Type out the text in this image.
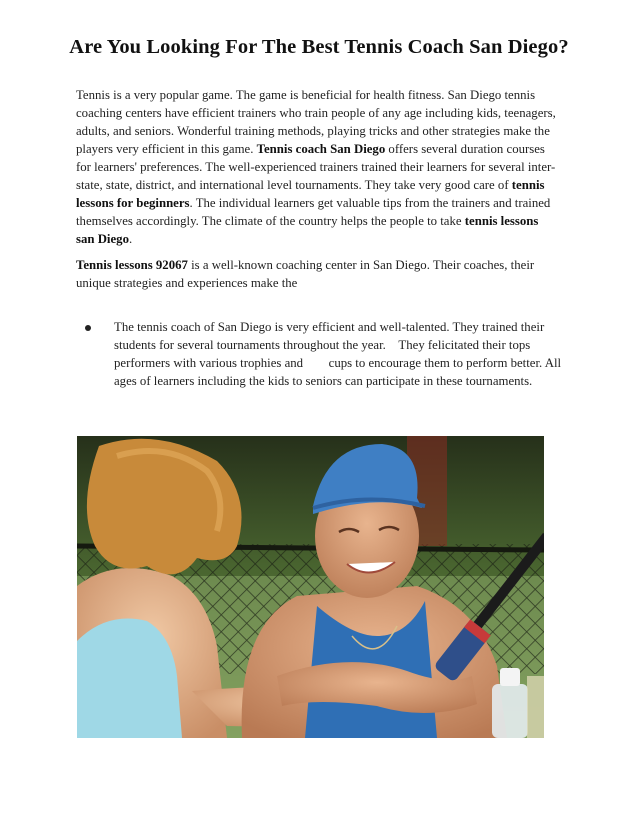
Are You Looking For The Best Tennis Coach San Diego?

Tennis is a very popular game. The game is beneficial for health fitness. San Diego tennis coaching centers have efficient trainers who train people of any age including kids, teenagers, adults, and seniors. Wonderful training methods, playing tricks and other strategies make the players very efficient in this game. Tennis coach San Diego offers several duration courses for learners' preferences. The well-experienced trainers trained their learners for several inter-state, state, district, and international level tournaments. They take very good care of tennis lessons for beginners. The individual learners get valuable tips from the trainers and trained themselves accordingly. The climate of the country helps the people to take tennis lessons san Diego.

Tennis lessons 92067 is a well-known coaching center in San Diego. Their coaches, their unique strategies and experiences make the

The tennis coach of San Diego is very efficient and well-talented. They trained their students for several tournaments throughout the year.    They felicitated their tops performers with various trophies and        cups to encourage them to perform better. All ages of learners including the kids to seniors can participate in these tournaments.
